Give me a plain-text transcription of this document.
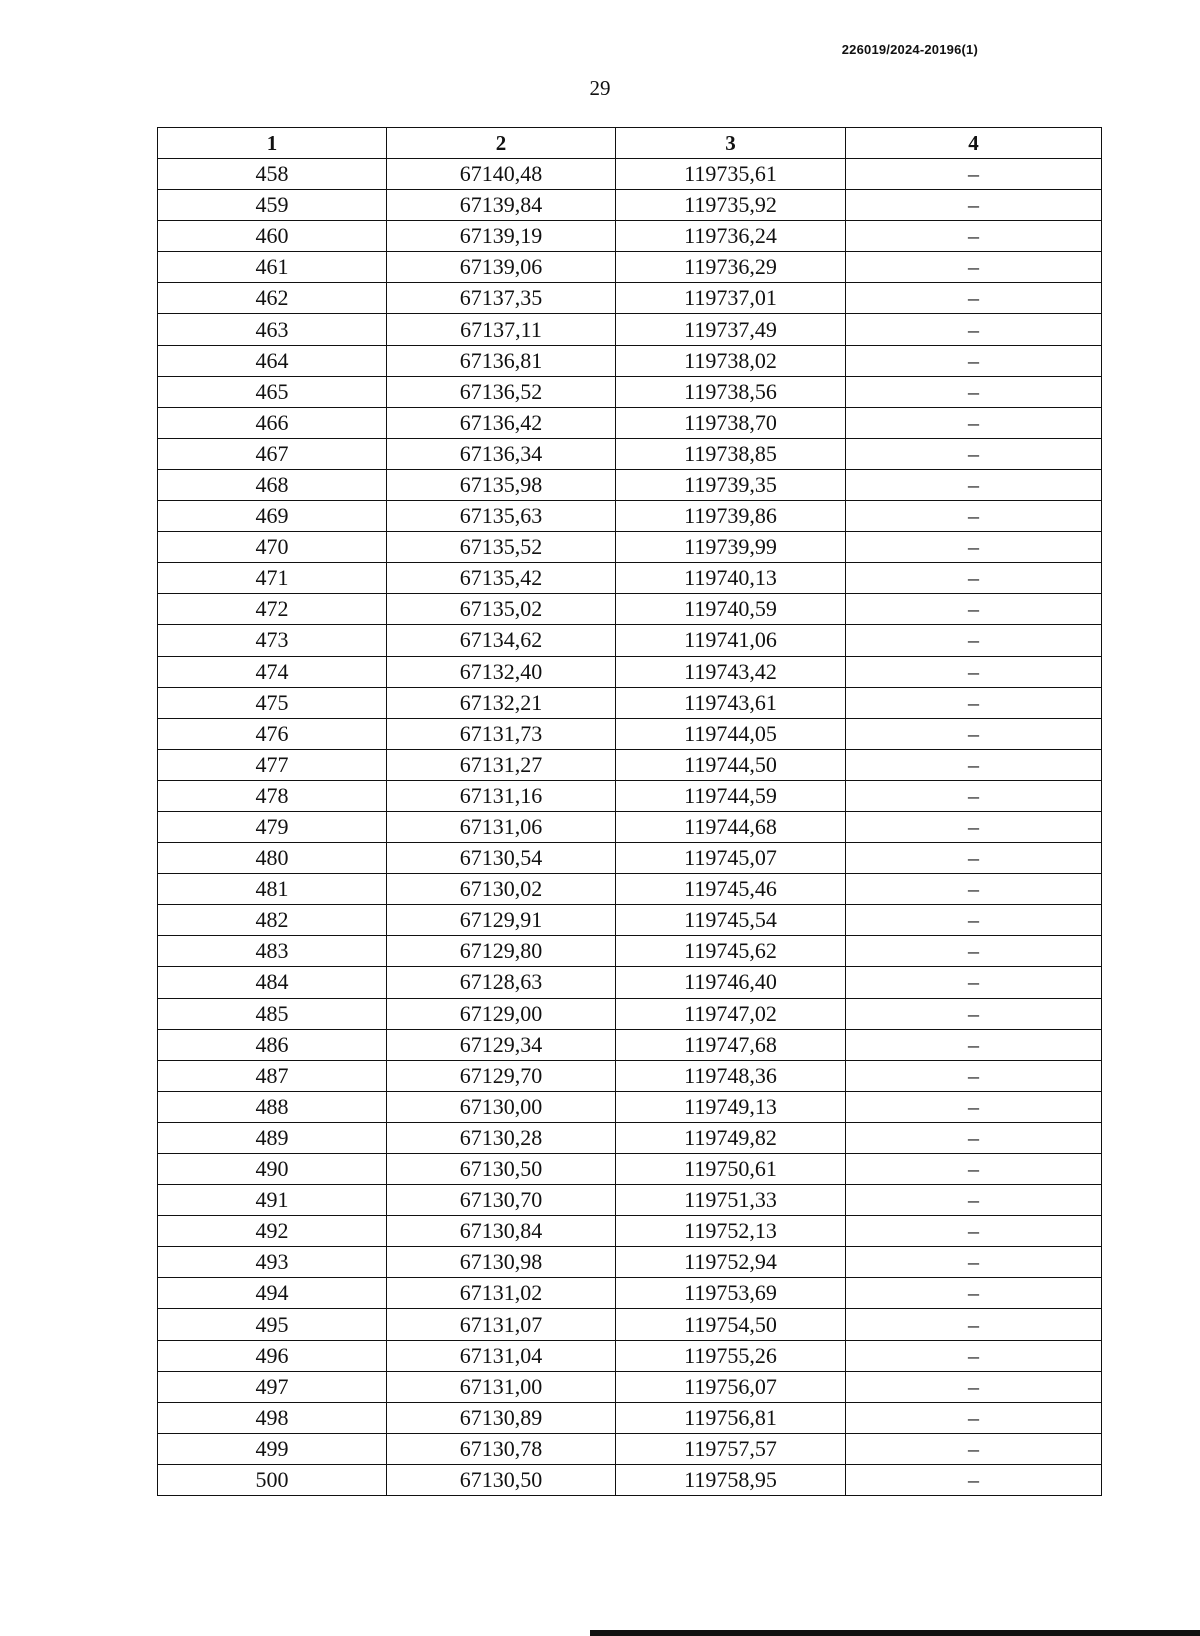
226019/2024-20196(1)
29
1	2	3	4
458	67140,48	119735,61	–
459	67139,84	119735,92	–
460	67139,19	119736,24	–
461	67139,06	119736,29	–
462	67137,35	119737,01	–
463	67137,11	119737,49	–
464	67136,81	119738,02	–
465	67136,52	119738,56	–
466	67136,42	119738,70	–
467	67136,34	119738,85	–
468	67135,98	119739,35	–
469	67135,63	119739,86	–
470	67135,52	119739,99	–
471	67135,42	119740,13	–
472	67135,02	119740,59	–
473	67134,62	119741,06	–
474	67132,40	119743,42	–
475	67132,21	119743,61	–
476	67131,73	119744,05	–
477	67131,27	119744,50	–
478	67131,16	119744,59	–
479	67131,06	119744,68	–
480	67130,54	119745,07	–
481	67130,02	119745,46	–
482	67129,91	119745,54	–
483	67129,80	119745,62	–
484	67128,63	119746,40	–
485	67129,00	119747,02	–
486	67129,34	119747,68	–
487	67129,70	119748,36	–
488	67130,00	119749,13	–
489	67130,28	119749,82	–
490	67130,50	119750,61	–
491	67130,70	119751,33	–
492	67130,84	119752,13	–
493	67130,98	119752,94	–
494	67131,02	119753,69	–
495	67131,07	119754,50	–
496	67131,04	119755,26	–
497	67131,00	119756,07	–
498	67130,89	119756,81	–
499	67130,78	119757,57	–
500	67130,50	119758,95	–
